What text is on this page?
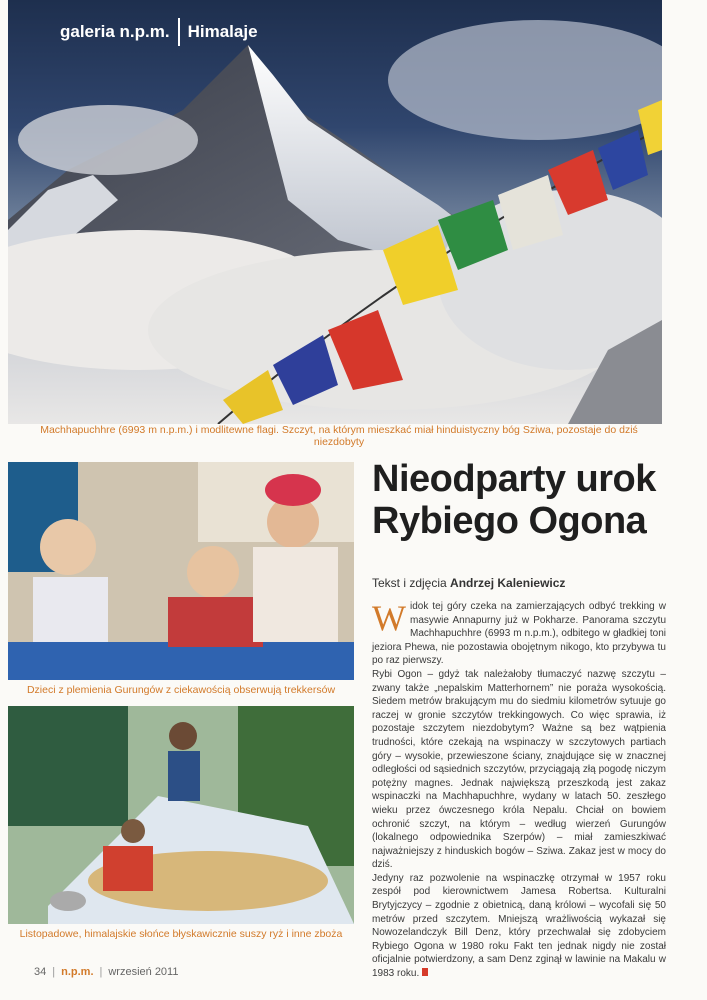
galeria n.p.m. Himalaje
Machhapuchhre (6993 m n.p.m.) i modlitewne flagi. Szczyt, na którym mieszkać miał hinduistyczny bóg Sziwa, pozostaje do dziś niezdobyty
Dzieci z plemienia Gurungów z ciekawością obserwują trekkersów
Listopadowe, himalajskie słońce błyskawicznie suszy ryż i inne zboża
Nieodparty urok
Rybiego Ogona
Tekst i zdjęcia Andrzej Kaleniewicz

Widok tej góry czeka na zamierzających odbyć trekking w masywie Annapurny już w Pokharze. Panorama szczytu Machhapuchhre (6993 m n.p.m.), odbitego w gładkiej toni jeziora Phewa, nie pozostawia obojętnym nikogo, kto przybywa tu po raz pierwszy.

Rybi Ogon – gdyż tak należałoby tłumaczyć nazwę szczytu – zwany także „nepalskim Matterhornem” nie poraża wysokością. Siedem metrów brakującym mu do siedmiu kilometrów sytuuje go raczej w gronie szczytów trekkingowych. Co więc sprawia, iż pozostaje szczytem niezdobytym? Ważne są bez wątpienia trudności, które czekają na wspinaczy w szczytowych partiach góry – wysokie, przewieszone ściany, znajdujące się w znacznej odległości od sąsiednich szczytów, przyciągają złą pogodę niczym potężny magnes. Jednak największą przeszkodą jest zakaz wspinaczki na Machhapuchhre, wydany w latach 50. zeszłego wieku przez ówczesnego króla Nepalu. Chciał on bowiem ochronić szczyt, na którym – według wierzeń Gurungów (lokalnego odpowiednika Szerpów) – miał zamieszkiwać najważniejszy z hinduskich bogów – Sziwa. Zakaz jest w mocy do dziś.

Jedyny raz pozwolenie na wspinaczkę otrzymał w 1957 roku zespół pod kierownictwem Jamesa Robertsa. Kulturalni Brytyjczycy – zgodnie z obietnicą, daną królowi – wycofali się 50 metrów przed szczytem. Mniejszą wrażliwością wykazał się Nowozelandczyk Bill Denz, który przechwalał się zdobyciem Rybiego Ogona w 1980 roku Fakt ten jednak nigdy nie został oficjalnie potwierdzony, a sam Denz zginął w lawinie na Makalu w 1983 roku.

34 | n.p.m. | wrzesień 2011
